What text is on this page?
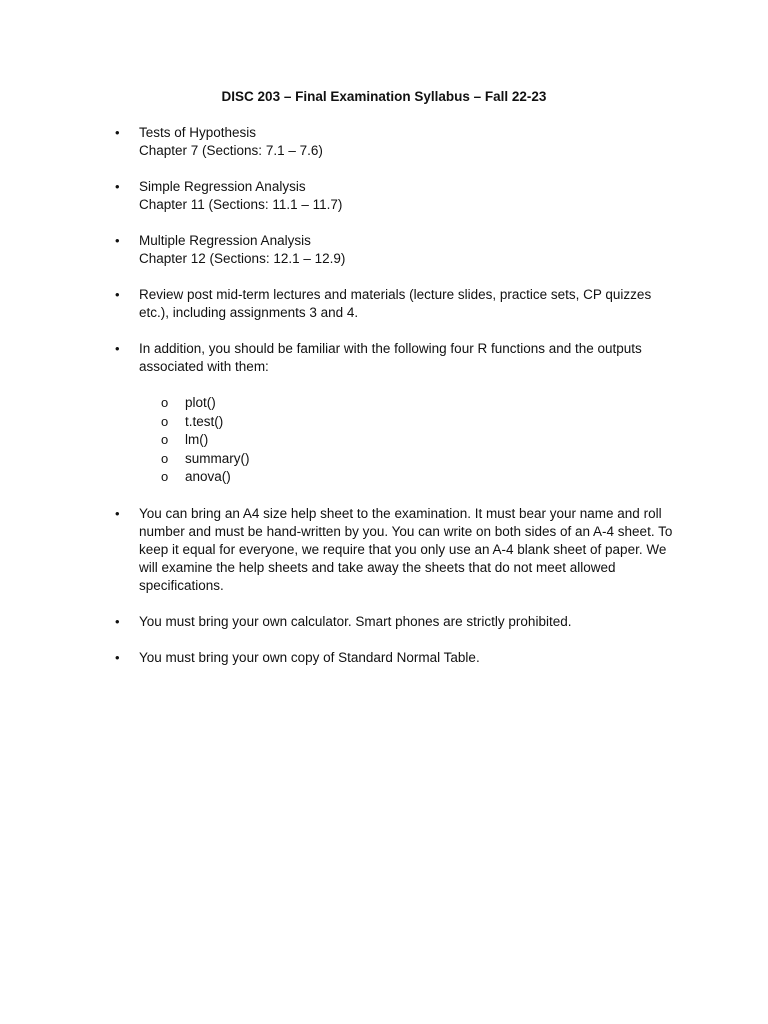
DISC 203 – Final Examination Syllabus – Fall 22-23
• Tests of Hypothesis
Chapter 7 (Sections: 7.1 – 7.6)
• Simple Regression Analysis
Chapter 11 (Sections: 11.1 – 11.7)
• Multiple Regression Analysis
Chapter 12 (Sections: 12.1 – 12.9)
• Review post mid-term lectures and materials (lecture slides, practice sets, CP quizzes etc.), including assignments 3 and 4.
• In addition, you should be familiar with the following four R functions and the outputs associated with them:
o plot()
o t.test()
o lm()
o summary()
o anova()
• You can bring an A4 size help sheet to the examination. It must bear your name and roll number and must be hand-written by you. You can write on both sides of an A-4 sheet. To keep it equal for everyone, we require that you only use an A-4 blank sheet of paper. We will examine the help sheets and take away the sheets that do not meet allowed specifications.
• You must bring your own calculator. Smart phones are strictly prohibited.
• You must bring your own copy of Standard Normal Table.
